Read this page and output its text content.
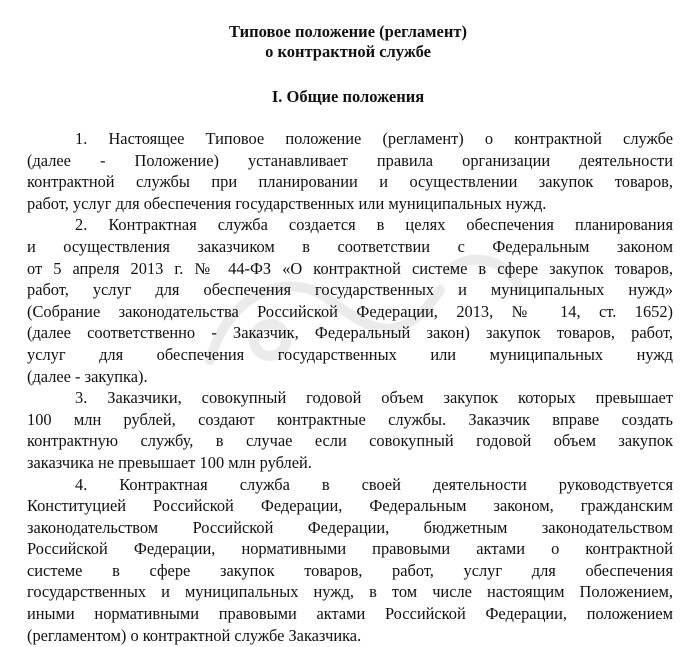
Типовое положение (регламент)
о контрактной службе
I. Общие положения

1. Настоящее Типовое положение (регламент) о контрактной службе
(далее - Положение) устанавливает правила организации деятельности
контрактной службы при планировании и осуществлении закупок товаров,
работ, услуг для обеспечения государственных или муниципальных нужд.

2. Контрактная служба создается в целях обеспечения планирования
и осуществления заказчиком в соответствии с Федеральным законом
от 5 апреля 2013 г. № 44-ФЗ «О контрактной системе в сфере закупок товаров,
работ, услуг для обеспечения государственных и муниципальных нужд»
(Собрание законодательства Российской Федерации, 2013, № 14, ст. 1652)
(далее соответственно - Заказчик, Федеральный закон) закупок товаров, работ,
услуг для обеспечения государственных или муниципальных нужд
(далее - закупка).

3. Заказчики, совокупный годовой объем закупок которых превышает
100 млн рублей, создают контрактные службы. Заказчик вправе создать
контрактную службу, в случае если совокупный годовой объем закупок
заказчика не превышает 100 млн рублей.

4. Контрактная служба в своей деятельности руководствуется
Конституцией Российской Федерации, Федеральным законом, гражданским
законодательством Российской Федерации, бюджетным законодательством
Российской Федерации, нормативными правовыми актами о контрактной
системе в сфере закупок товаров, работ, услуг для обеспечения
государственных и муниципальных нужд, в том числе настоящим Положением,
иными нормативными правовыми актами Российской Федерации, положением
(регламентом) о контрактной службе Заказчика.
